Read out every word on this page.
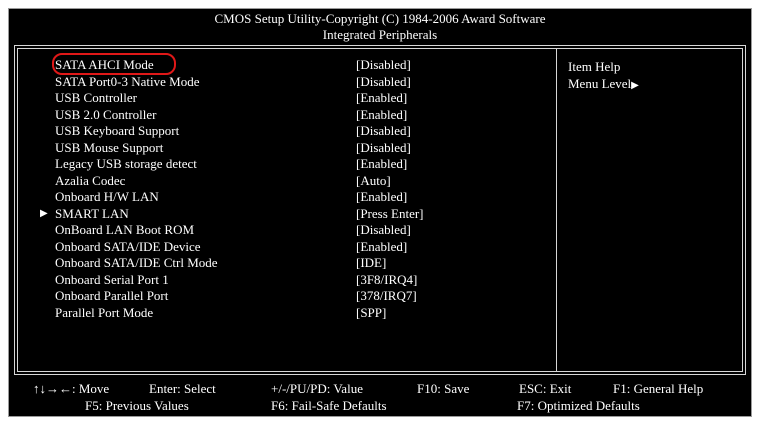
CMOS Setup Utility-Copyright (C) 1984-2006 Award Software
Integrated Peripherals
SATA AHCI Mode	[Disabled]
SATA Port0-3 Native Mode	[Disabled]
USB Controller	[Enabled]
USB 2.0 Controller	[Enabled]
USB Keyboard Support	[Disabled]
USB Mouse Support	[Disabled]
Legacy USB storage detect	[Enabled]
Azalia Codec	[Auto]
Onboard H/W LAN	[Enabled]
▶ SMART LAN	[Press Enter]
OnBoard LAN Boot ROM	[Disabled]
Onboard SATA/IDE Device	[Enabled]
Onboard SATA/IDE Ctrl Mode	[IDE]
Onboard Serial Port 1	[3F8/IRQ4]
Onboard Parallel Port	[378/IRQ7]
Parallel Port Mode	[SPP]
Item Help
Menu Level▶
↑↓→←: Move	Enter: Select	+/-/PU/PD: Value	F10: Save	ESC: Exit	F1: General Help
F5: Previous Values	F6: Fail-Safe Defaults	F7: Optimized Defaults
